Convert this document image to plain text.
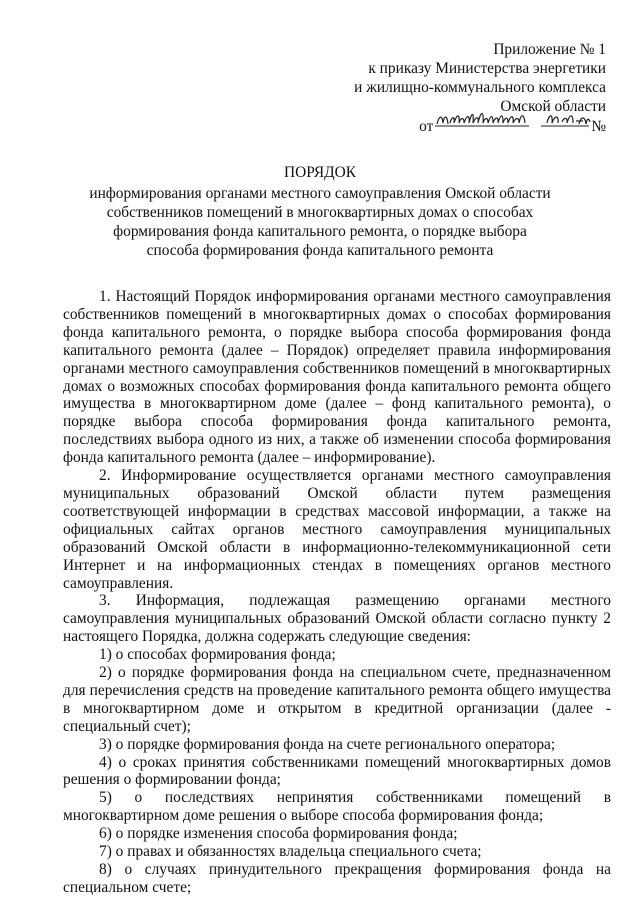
Приложение № 1
к приказу Министерства энергетики
и жилищно-коммунального комплекса
Омской области
от	№
ПОРЯДОК
информирования органами местного самоуправления Омской области
собственников помещений в многоквартирных домах о способах
формирования фонда капитального ремонта, о порядке выбора
способа формирования фонда капитального ремонта

1. Настоящий Порядок информирования органами местного самоуправления собственников помещений в многоквартирных домах о способах формирования фонда капитального ремонта, о порядке выбора способа формирования фонда капитального ремонта (далее – Порядок) определяет правила информирования органами местного самоуправления собственников помещений в многоквартирных домах о возможных способах формирования фонда капитального ремонта общего имущества в многоквартирном доме (далее – фонд капитального ремонта), о порядке выбора способа формирования фонда капитального ремонта, последствиях выбора одного из них, а также об изменении способа формирования фонда капитального ремонта (далее – информирование).

2. Информирование осуществляется органами местного самоуправления муниципальных образований Омской области путем размещения соответствующей информации в средствах массовой информации, а также на официальных сайтах органов местного самоуправления муниципальных образований Омской области в информационно-телекоммуникационной сети Интернет и на информационных стендах в помещениях органов местного самоуправления.

3. Информация, подлежащая размещению органами местного самоуправления муниципальных образований Омской области согласно пункту 2 настоящего Порядка, должна содержать следующие сведения:

1) о способах формирования фонда;

2) о порядке формирования фонда на специальном счете, предназначенном для перечисления средств на проведение капитального ремонта общего имущества в многоквартирном доме и открытом в кредитной организации (далее - специальный счет);

3) о порядке формирования фонда на счете регионального оператора;

4) о сроках принятия собственниками помещений многоквартирных домов решения о формировании фонда;

5) о последствиях непринятия собственниками помещений в многоквартирном доме решения о выборе способа формирования фонда;

6) о порядке изменения способа формирования фонда;

7) о правах и обязанностях владельца специального счета;

8) о случаях принудительного прекращения формирования фонда на специальном счете;
